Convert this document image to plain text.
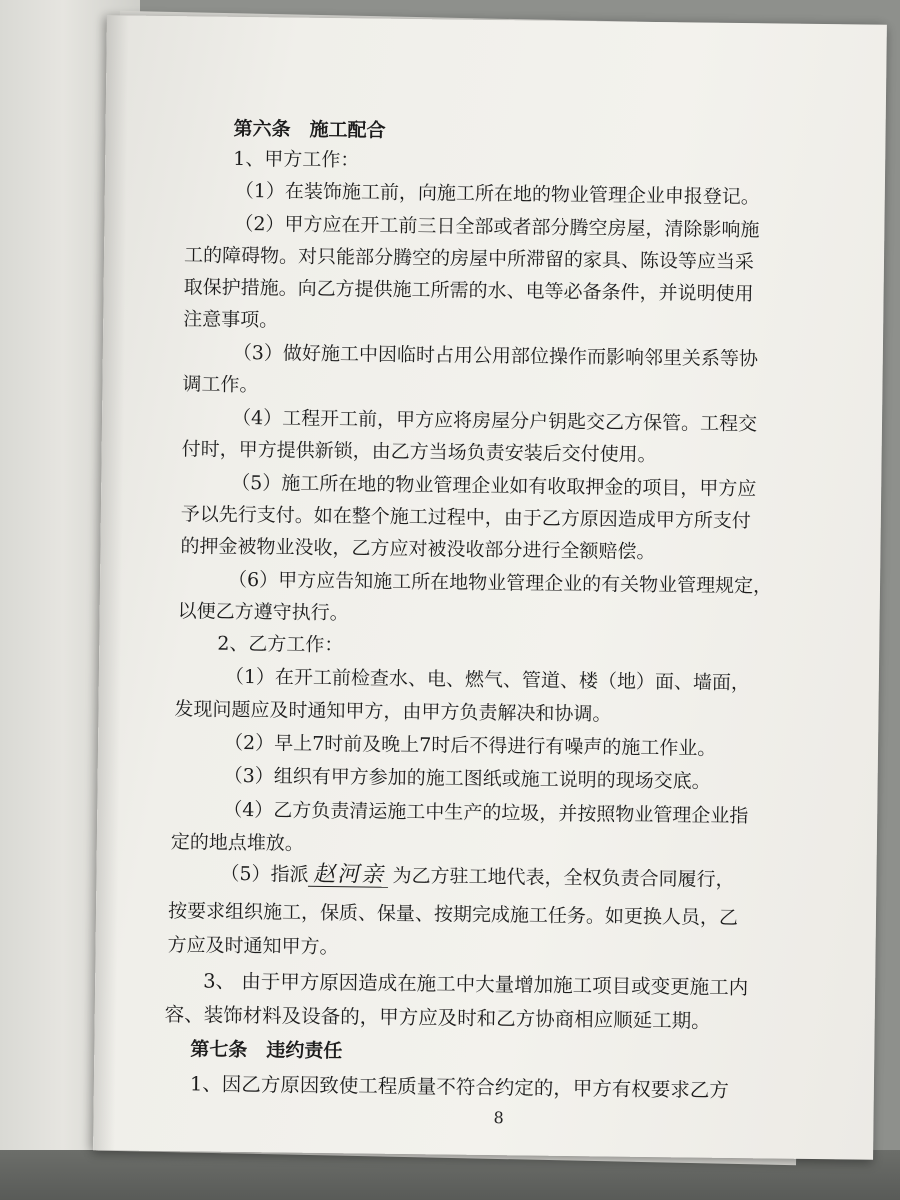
第六条　施工配合
1、甲方工作：
（1）在装饰施工前，向施工所在地的物业管理企业申报登记。
（2）甲方应在开工前三日全部或者部分腾空房屋，清除影响施
工的障碍物。对只能部分腾空的房屋中所滞留的家具、陈设等应当采
取保护措施。向乙方提供施工所需的水、电等必备条件，并说明使用
注意事项。
（3）做好施工中因临时占用公用部位操作而影响邻里关系等协
调工作。
（4）工程开工前，甲方应将房屋分户钥匙交乙方保管。工程交
付时，甲方提供新锁，由乙方当场负责安装后交付使用。
（5）施工所在地的物业管理企业如有收取押金的项目，甲方应
予以先行支付。如在整个施工过程中，由于乙方原因造成甲方所支付
的押金被物业没收，乙方应对被没收部分进行全额赔偿。
（6）甲方应告知施工所在地物业管理企业的有关物业管理规定，
以便乙方遵守执行。
2、乙方工作：
（1）在开工前检查水、电、燃气、管道、楼（地）面、墙面，
发现问题应及时通知甲方，由甲方负责解决和协调。
（2）早上7时前及晚上7时后不得进行有噪声的施工作业。
（3）组织有甲方参加的施工图纸或施工说明的现场交底。
（4）乙方负责清运施工中生产的垃圾，并按照物业管理企业指
定的地点堆放。
（5）指派 赵河亲 为乙方驻工地代表，全权负责合同履行，
按要求组织施工，保质、保量、按期完成施工任务。如更换人员，乙
方应及时通知甲方。
3、 由于甲方原因造成在施工中大量增加施工项目或变更施工内
容、装饰材料及设备的，甲方应及时和乙方协商相应顺延工期。
第七条　违约责任
1、因乙方原因致使工程质量不符合约定的，甲方有权要求乙方
8
